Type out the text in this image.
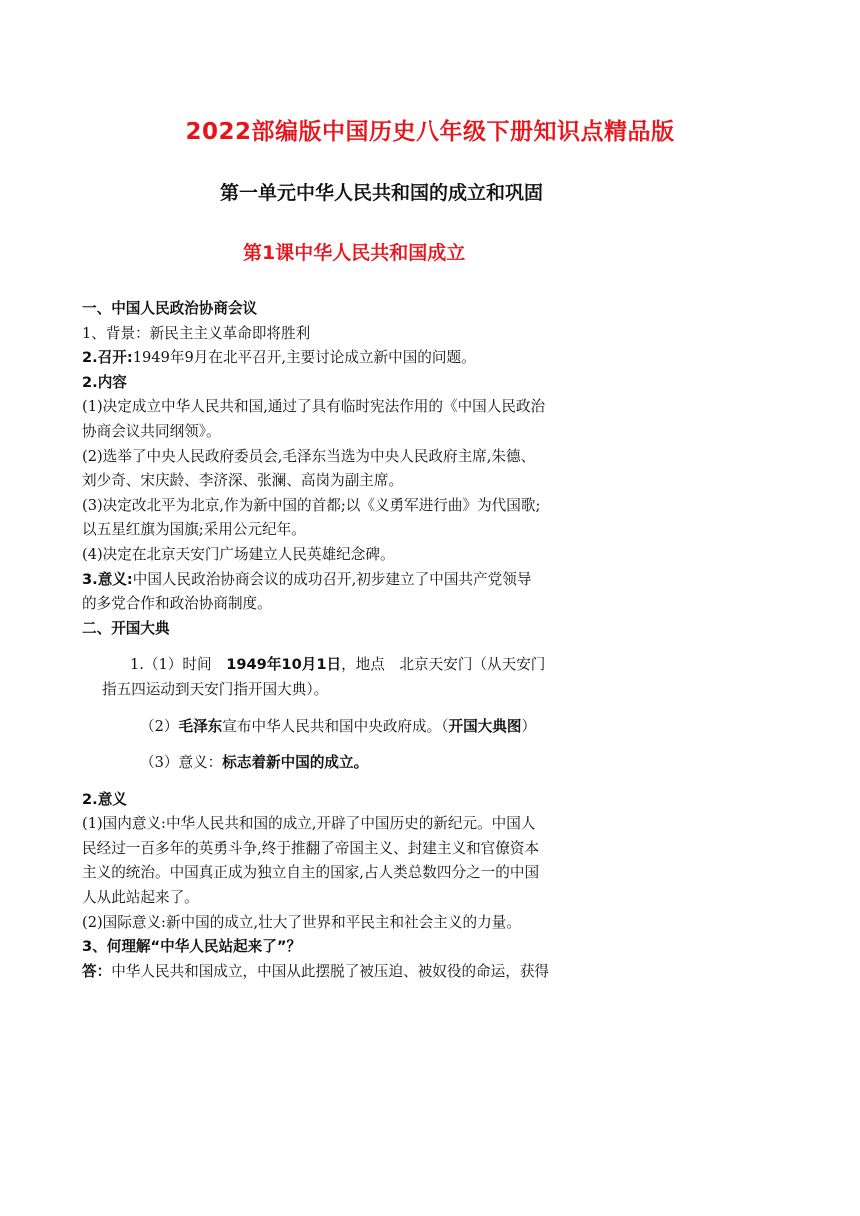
2022部编版中国历史八年级下册知识点精品版
第一单元中华人民共和国的成立和巩固
第1课中华人民共和国成立
一、中国人民政治协商会议
1、背景：新民主主义革命即将胜利
2.召开:1949年9月在北平召开,主要讨论成立新中国的问题。
2.内容
(1)决定成立中华人民共和国,通过了具有临时宪法作用的《中国人民政治
协商会议共同纲领》。
(2)选举了中央人民政府委员会,毛泽东当选为中央人民政府主席,朱德、
刘少奇、宋庆龄、李济深、张澜、高岗为副主席。
(3)决定改北平为北京,作为新中国的首都;以《义勇军进行曲》为代国歌;
以五星红旗为国旗;采用公元纪年。
(4)决定在北京天安门广场建立人民英雄纪念碑。
3.意义:中国人民政治协商会议的成功召开,初步建立了中国共产党领导
的多党合作和政治协商制度。
二、开国大典
1.（1）时间　 1949年10月1日，地点　北京天安门（从天安门
指五四运动到天安门指开国大典）。
（2）毛泽东宣布中华人民共和国中央政府成。（开国大典图）
（3）意义：标志着新中国的成立。
2.意义
(1)国内意义:中华人民共和国的成立,开辟了中国历史的新纪元。中国人
民经过一百多年的英勇斗争,终于推翻了帝国主义、封建主义和官僚资本
主义的统治。中国真正成为独立自主的国家,占人类总数四分之一的中国
人从此站起来了。
(2)国际意义:新中国的成立,壮大了世界和平民主和社会主义的力量。
3、何理解“中华人民站起来了”？
答：中华人民共和国成立，中国从此摆脱了被压迫、被奴役的命运，获得
